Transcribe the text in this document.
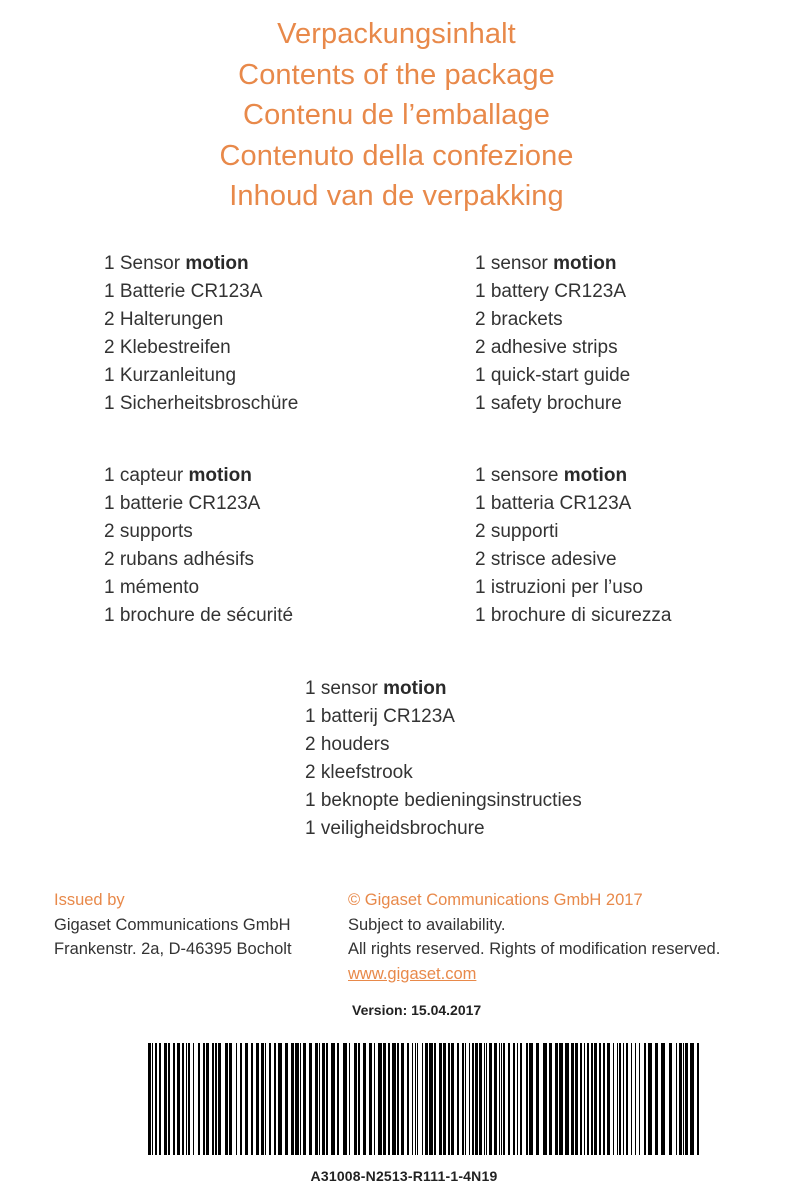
Verpackungsinhalt
Contents of the package
Contenu de l’emballage
Contenuto della confezione
Inhoud van de verpakking
1 Sensor motion
1 Batterie CR123A
2 Halterungen
2 Klebestreifen
1 Kurzanleitung
1 Sicherheitsbroschüre
1 sensor motion
1 battery CR123A
2 brackets
2 adhesive strips
1 quick-start guide
1 safety brochure
1 capteur motion
1 batterie CR123A
2 supports
2 rubans adhésifs
1 mémento
1 brochure de sécurité
1 sensore motion
1 batteria CR123A
2 supporti
2 strisce adesive
1 istruzioni per l’uso
1 brochure di sicurezza
1 sensor motion
1 batterij CR123A
2 houders
2 kleefstrook
1 beknopte bedieningsinstructies
1 veiligheidsbrochure
Issued by
Gigaset Communications GmbH
Frankenstr. 2a, D-46395 Bocholt
© Gigaset Communications GmbH 2017
Subject to availability.
All rights reserved. Rights of modification reserved.
www.gigaset.com
Version: 15.04.2017
A31008-N2513-R111-1-4N19
